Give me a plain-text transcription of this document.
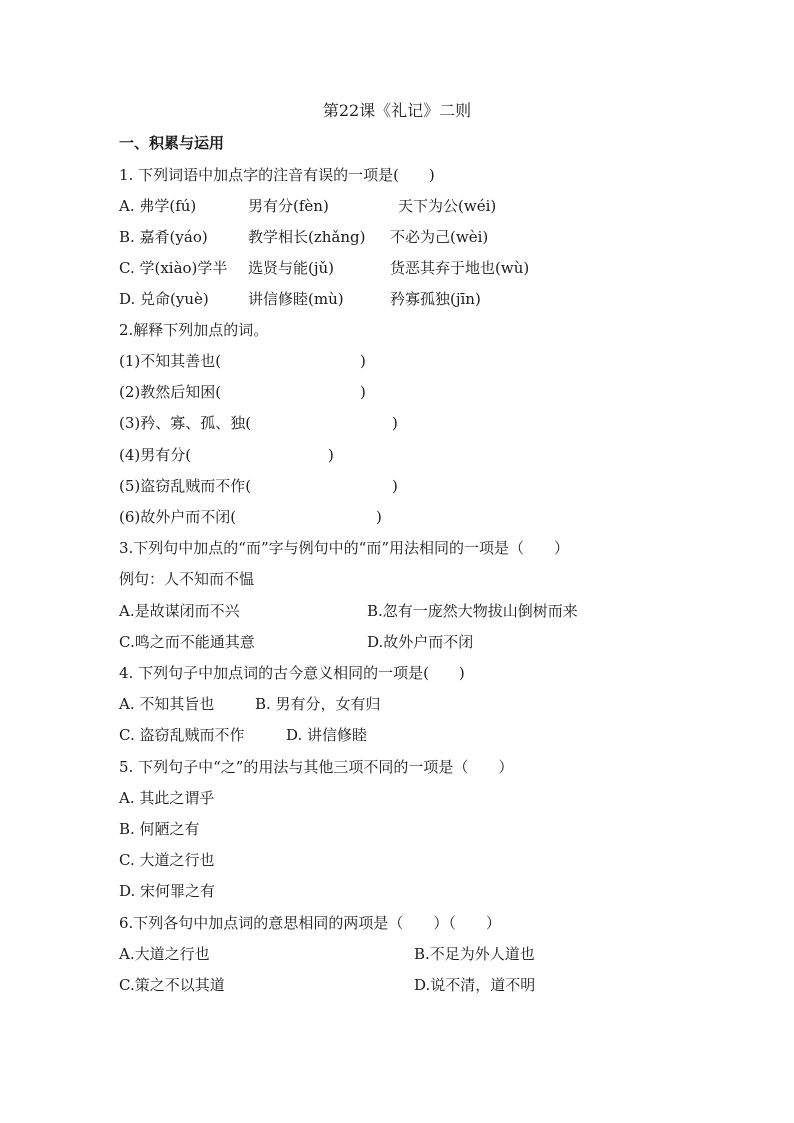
第22课《礼记》二则
一、积累与运用
1. 下列词语中加点字的注音有误的一项是(　　)
A. 弗学(fú)	男有分(fèn)	天下为公(wéi)
B. 嘉肴(yáo)	教学相长(zhǎng) 不必为己(wèi)
C. 学(xiào)学半 选贤与能(jǔ)	货恶其弃于地也(wù)
D. 兑命(yuè)	讲信修睦(mù)	矜寡孤独(jīn)
2.解释下列加点的词。
(1)不知其善也(	)
(2)教然后知困(	)
(3)矜、寡、孤、独(	)
(4)男有分(	)
(5)盗窃乱贼而不作(	)
(6)故外户而不闭(	)
3.下列句中加点的“而”字与例句中的“而”用法相同的一项是（　　）
例句：人不知而不愠
A.是故谋闭而不兴	B.忽有一庞然大物拔山倒树而来
C.鸣之而不能通其意	D.故外户而不闭
4. 下列句子中加点词的古今意义相同的一项是(　　)
A. 不知其旨也	B. 男有分，女有归
C. 盗窃乱贼而不作	D. 讲信修睦
5. 下列句子中“之”的用法与其他三项不同的一项是（　　）
A. 其此之谓乎
B. 何陋之有
C. 大道之行也
D. 宋何罪之有
6.下列各句中加点词的意思相同的两项是（　　）（　　）
A.大道之行也	B.不足为外人道也
C.策之不以其道	D.说不清，道不明
